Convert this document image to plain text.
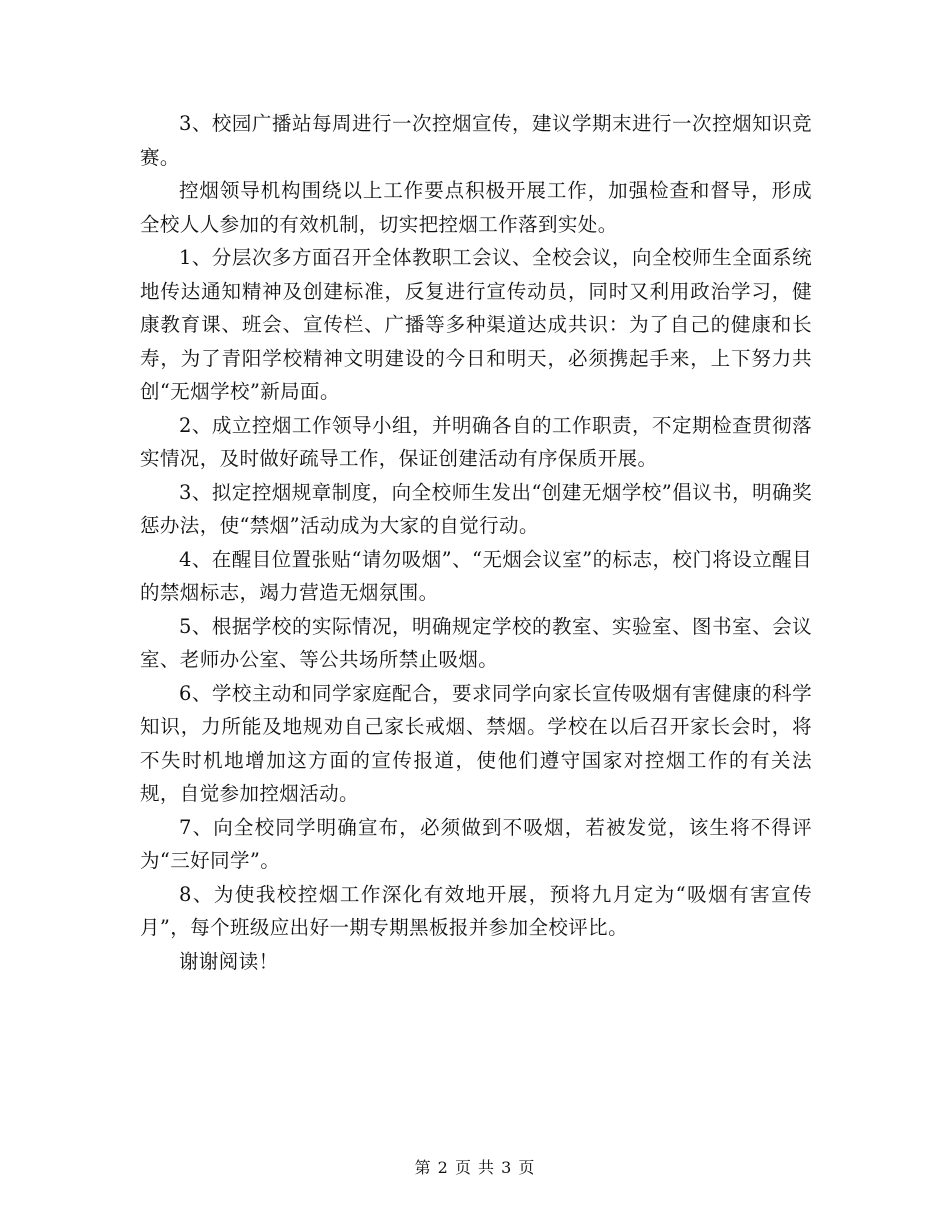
3、校园广播站每周进行一次控烟宣传，建议学期末进行一次控烟知识竞赛。

控烟领导机构围绕以上工作要点积极开展工作，加强检查和督导，形成全校人人参加的有效机制，切实把控烟工作落到实处。

1、分层次多方面召开全体教职工会议、全校会议，向全校师生全面系统地传达通知精神及创建标准，反复进行宣传动员，同时又利用政治学习，健康教育课、班会、宣传栏、广播等多种渠道达成共识：为了自己的健康和长寿，为了青阳学校精神文明建设的今日和明天，必须携起手来，上下努力共创“无烟学校”新局面。

2、成立控烟工作领导小组，并明确各自的工作职责，不定期检查贯彻落实情况，及时做好疏导工作，保证创建活动有序保质开展。

3、拟定控烟规章制度，向全校师生发出“创建无烟学校”倡议书，明确奖惩办法，使“禁烟”活动成为大家的自觉行动。

4、在醒目位置张贴“请勿吸烟”、“无烟会议室”的标志，校门将设立醒目的禁烟标志，竭力营造无烟氛围。

5、根据学校的实际情况，明确规定学校的教室、实验室、图书室、会议室、老师办公室、等公共场所禁止吸烟。

6、学校主动和同学家庭配合，要求同学向家长宣传吸烟有害健康的科学知识，力所能及地规劝自己家长戒烟、禁烟。学校在以后召开家长会时，将不失时机地增加这方面的宣传报道，使他们遵守国家对控烟工作的有关法规，自觉参加控烟活动。

7、向全校同学明确宣布，必须做到不吸烟，若被发觉，该生将不得评为“三好同学”。

8、为使我校控烟工作深化有效地开展，预将九月定为“吸烟有害宣传月”，每个班级应出好一期专期黑板报并参加全校评比。

谢谢阅读！

第 2 页 共 3 页
